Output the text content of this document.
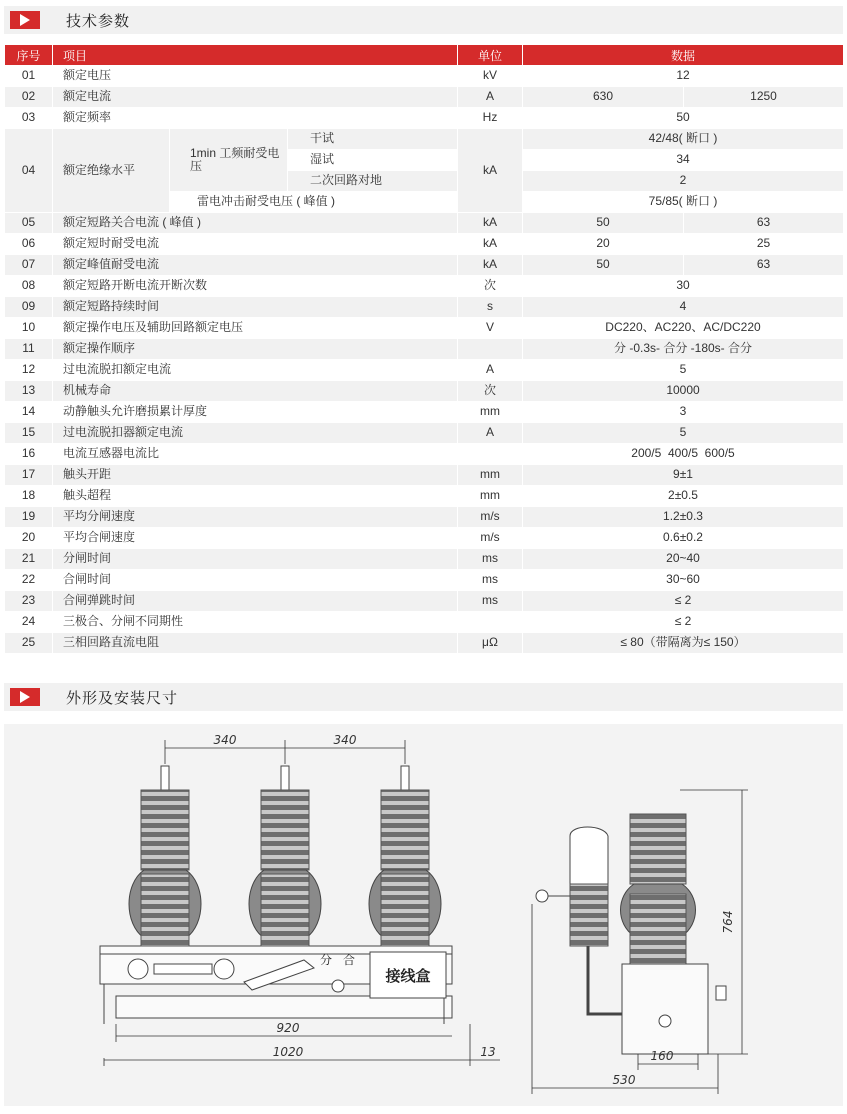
技术参数
序号	项目			单位	数据	
01	额定电压			kV	12	
02	额定电流			A	630	1250
03	额定频率			Hz	50	
04	额定绝缘水平	1min 工频耐受电压	干试	kA	42/48( 断口 )	
			湿试		34	
			二次回路对地		2	
		雷电冲击耐受电压 ( 峰值 )			75/85( 断口 )	
05	额定短路关合电流 ( 峰值 )			kA	50	63
06	额定短时耐受电流			kA	20	25
07	额定峰值耐受电流			kA	50	63
08	额定短路开断电流开断次数			次	30	
09	额定短路持续时间			s	4	
10	额定操作电压及辅助回路额定电压			V	DC220、AC220、AC/DC220	
11	额定操作顺序				分 -0.3s- 合分 -180s- 合分	
12	过电流脱扣额定电流			A	5	
13	机械寿命			次	10000	
14	动静触头允许磨损累计厚度			mm	3	
15	过电流脱扣器额定电流			A	5	
16	电流互感器电流比				200/5  400/5  600/5	
17	触头开距			mm	9±1	
18	触头超程			mm	2±0.5	
19	平均分闸速度			m/s	1.2±0.3	
20	平均合闸速度			m/s	0.6±0.2	
21	分闸时间			ms	20~40	
22	合闸时间			ms	30~60	
23	合闸弹跳时间			ms	≤ 2	
24	三极合、分闸不同期性				≤ 2	
25	三相回路直流电阻			μΩ	≤ 80（带隔离为≤ 150）	
外形及安装尺寸
接线盒
分 合
340	340
920
1020	13
764
160
530
